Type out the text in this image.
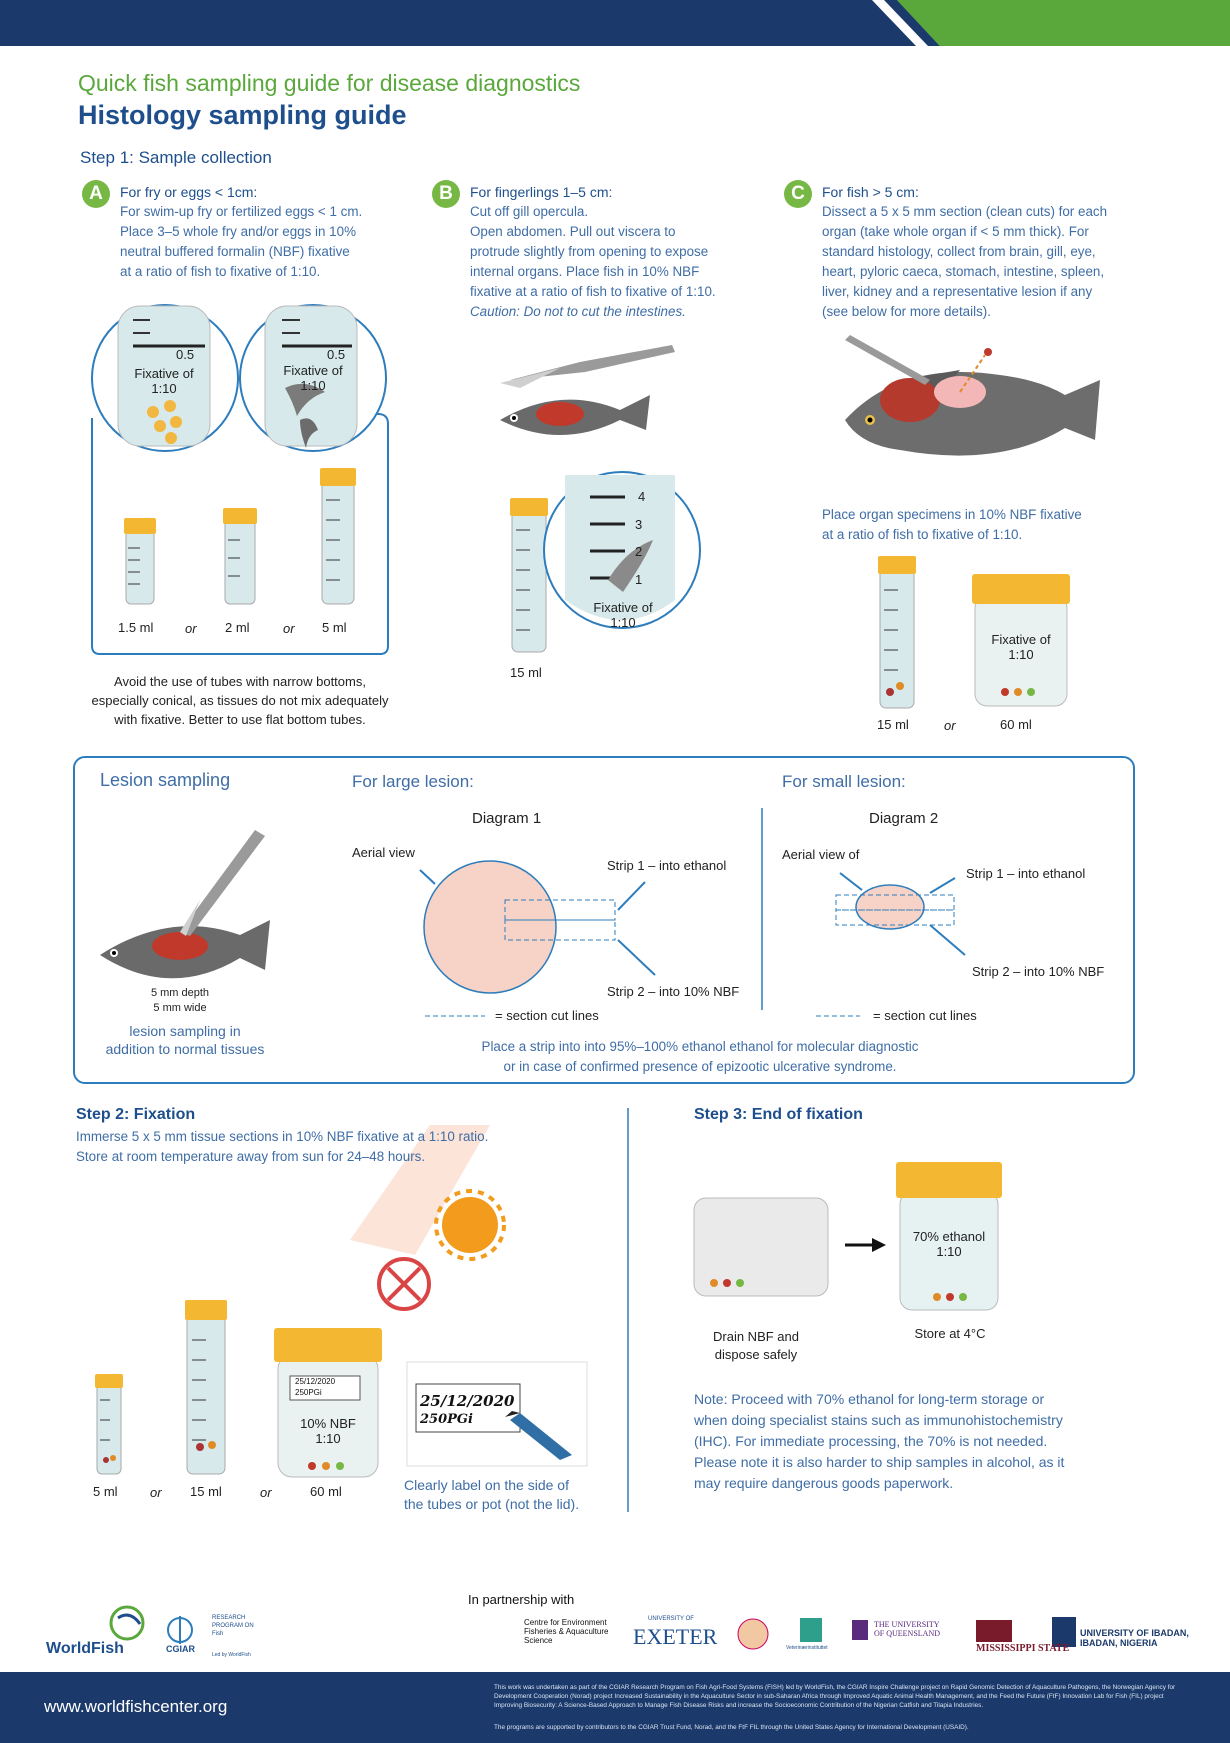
Quick fish sampling guide for disease diagnostics
Histology sampling guide
Step 1: Sample collection
A	For fry or eggs < 1cm:
For swim-up fry or fertilized eggs < 1 cm.
Place 3–5 whole fry and/or eggs in 10%
neutral buffered formalin (NBF) fixative
at a ratio of fish to fixative of 1:10.
Fixative of
1:10
Fixative of
1:10
0.5	0.5
1.5 ml or 2 ml	or 5 ml
Avoid the use of tubes with narrow bottoms,
especially conical, as tissues do not mix adequately
with fixative. Better to use flat bottom tubes.
B	For fingerlings 1–5 cm:
Cut off gill opercula.
Open abdomen. Pull out viscera to
protrude slightly from opening to expose
internal organs. Place fish in 10% NBF
fixative at a ratio of fish to fixative of 1:10.
Caution: Do not to cut the intestines.
4
3
2
1
Fixative of
1:10
15 ml
C	For fish > 5 cm:
Dissect a 5 x 5 mm section (clean cuts) for each
organ (take whole organ if < 5 mm thick). For
standard histology, collect from brain, gill, eye,
heart, pyloric caeca, stomach, intestine, spleen,
liver, kidney and a representative lesion if any
(see below for more details).
Place organ specimens in 10% NBF fixative
at a ratio of fish to fixative of 1:10.
Fixative of
1:10
15 ml	or	60 ml
Lesion sampling
5 mm depth
5 mm wide
lesion sampling in
addition to normal tissues
For large lesion:	For small lesion:
Diagram 1
Aerial view
Strip 1 – into ethanol
Strip 2 – into 10% NBF
= section cut lines
Diagram 2
Aerial view of
Strip 1 – into ethanol
Strip 2 – into 10% NBF
= section cut lines
Place a strip into into 95%–100% ethanol ethanol for molecular diagnostic
or in case of confirmed presence of epizootic ulcerative syndrome.
Step 2: Fixation
Immerse 5 x 5 mm tissue sections in 10% NBF fixative at a 1:10 ratio.
Store at room temperature away from sun for 24–48 hours.
5 ml or 15 ml	or	60 ml
25/12/2020
250PGi
10% NBF
1:10
25/12/2020
250PGi
Clearly label on the side of
the tubes or pot (not the lid).
Step 3: End of fixation
70% ethanol
1:10
Drain NBF and
dispose safely
Store at 4°C
Note: Proceed with 70% ethanol for long-term storage or
when doing specialist stains such as immunohistochemistry
(IHC). For immediate processing, the 70% is not needed.
Please note it is also harder to ship samples in alcohol, as it
may require dangerous goods paperwork.
In partnership with
WorldFish	CGIAR
RESEARCH
PROGRAM ON
Fish
Led by WorldFish
Centre for Environment
Fisheries & Aquaculture
Science
UNIVERSITY OF
EXETER	Veterinærinstituttet
THE UNIVERSITY
OF QUEENSLAND
MISSISSIPPI STATE
UNIVERSITY OF IBADAN,
IBADAN, NIGERIA
www.worldfishcenter.org
This work was undertaken as part of the CGIAR Research Program on Fish Agri-Food Systems (FISH) led by WorldFish, the CGIAR Inspire Challenge project on Rapid Genomic Detection of Aquaculture Pathogens, the Norwegian Agency for Development Cooperation (Norad) project Increased Sustainability in the Aquaculture Sector in sub-Saharan Africa through Improved Aquatic Animal Health Management, and the Feed the Future (FtF) Innovation Lab for Fish (FIL) project Improving Biosecurity: A Science-Based Approach to Manage Fish Disease Risks and increase the Socioeconomic Contribution of the Nigerian Catfish and Tilapia Industries.
The programs are supported by contributors to the CGIAR Trust Fund, Norad, and the FtF FIL through the United States Agency for International Development (USAID).
